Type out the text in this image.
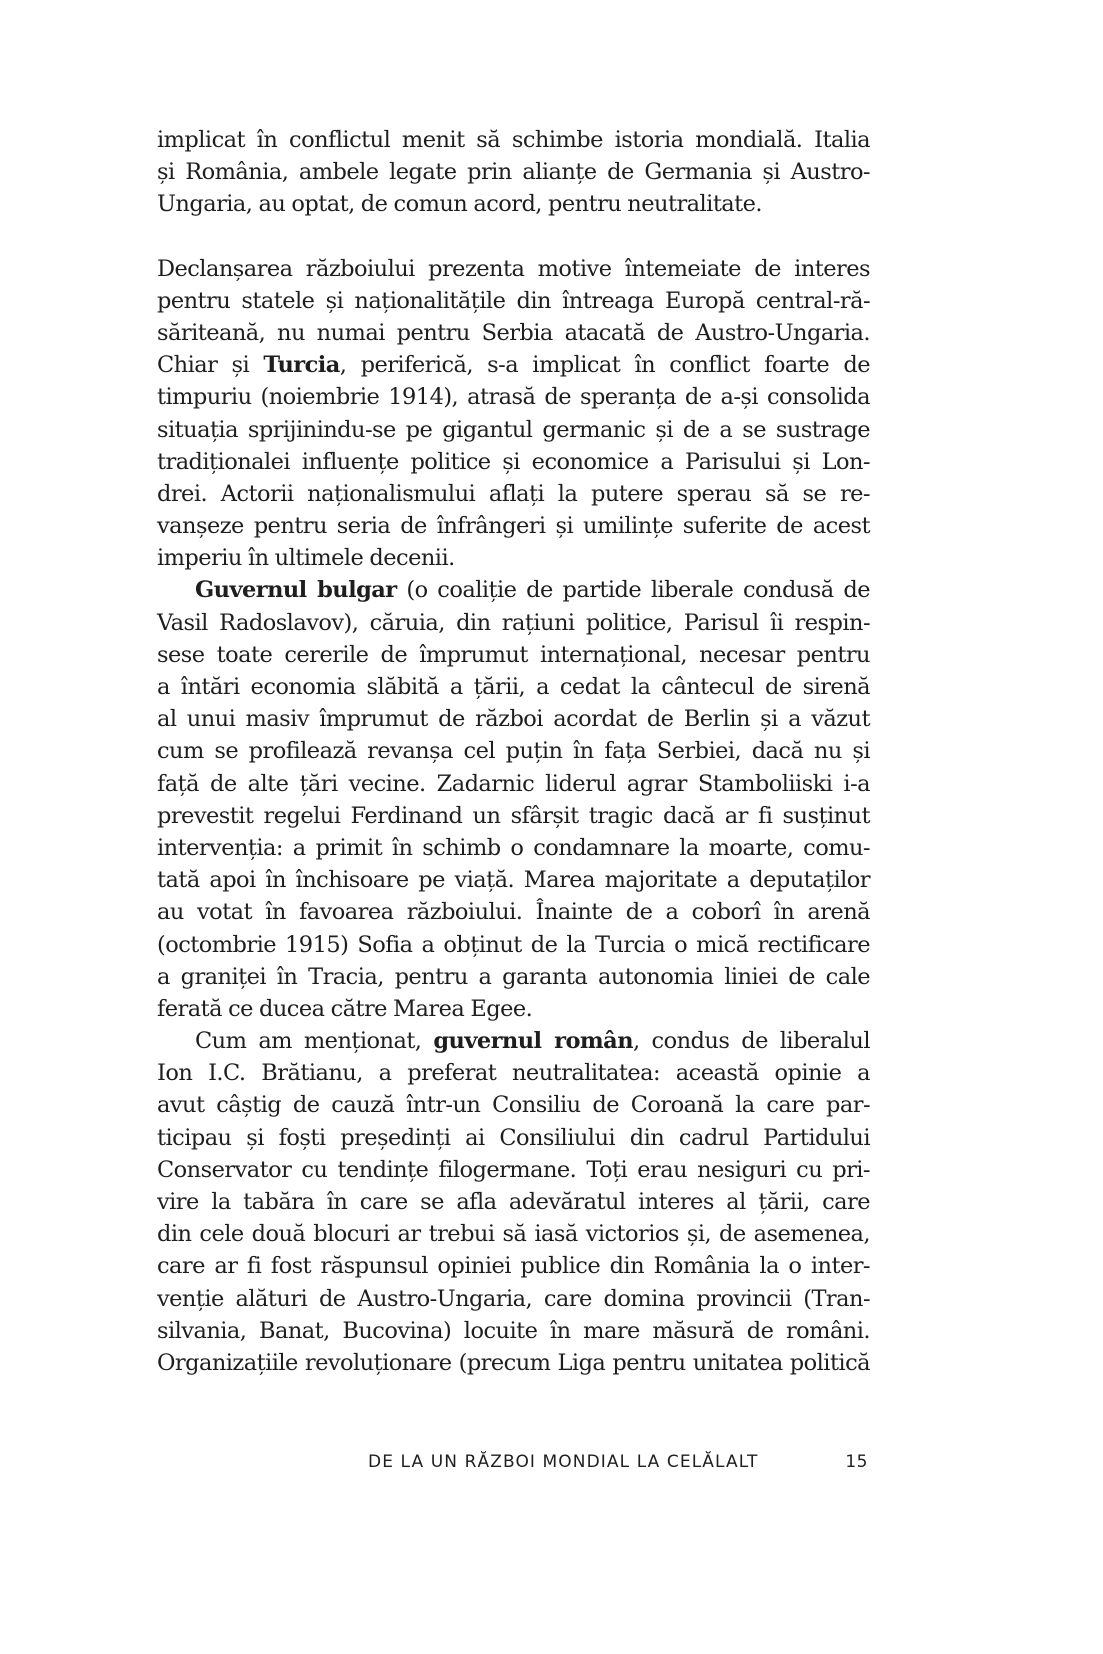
implicat în conflictul menit să schimbe istoria mondială. Italia
și România, ambele legate prin alianțe de Germania și Austro-
Ungaria, au optat, de comun acord, pentru neutralitate.
Declanșarea războiului prezenta motive întemeiate de interes
pentru statele și naționalitățile din întreaga Europă central-ră-
săriteană, nu numai pentru Serbia atacată de Austro-Ungaria.
Chiar și Turcia, periferică, s-a implicat în conflict foarte de
timpuriu (noiembrie 1914), atrasă de speranța de a-și consolida
situația sprijinindu-se pe gigantul germanic și de a se sustrage
tradiționalei influențe politice și economice a Parisului și Lon-
drei. Actorii naționalismului aflați la putere sperau să se re-
vanșeze pentru seria de înfrângeri și umilințe suferite de acest
imperiu în ultimele decenii.
Guvernul bulgar (o coaliție de partide liberale condusă de
Vasil Radoslavov), căruia, din rațiuni politice, Parisul îi respin-
sese toate cererile de împrumut internațional, necesar pentru
a întări economia slăbită a țării, a cedat la cântecul de sirenă
al unui masiv împrumut de război acordat de Berlin și a văzut
cum se profilează revanșa cel puțin în fața Serbiei, dacă nu și
față de alte țări vecine. Zadarnic liderul agrar Stamboliiski i-a
prevestit regelui Ferdinand un sfârșit tragic dacă ar fi susținut
intervenția: a primit în schimb o condamnare la moarte, comu-
tată apoi în închisoare pe viață. Marea majoritate a deputaților
au votat în favoarea războiului. Înainte de a coborî în arenă
(octombrie 1915) Sofia a obținut de la Turcia o mică rectificare
a graniței în Tracia, pentru a garanta autonomia liniei de cale
ferată ce ducea către Marea Egee.
Cum am menționat, guvernul român, condus de liberalul
Ion I.C. Brătianu, a preferat neutralitatea: această opinie a
avut câștig de cauză într-un Consiliu de Coroană la care par-
ticipau și foști președinți ai Consiliului din cadrul Partidului
Conservator cu tendințe filogermane. Toți erau nesiguri cu pri-
vire la tabăra în care se afla adevăratul interes al țării, care
din cele două blocuri ar trebui să iasă victorios și, de asemenea,
care ar fi fost răspunsul opiniei publice din România la o inter-
venție alături de Austro-Ungaria, care domina provincii (Tran-
silvania, Banat, Bucovina) locuite în mare măsură de români.
Organizațiile revoluționare (precum Liga pentru unitatea politică
DE LA UN RĂZBOI MONDIAL LA CELĂLALT	15
